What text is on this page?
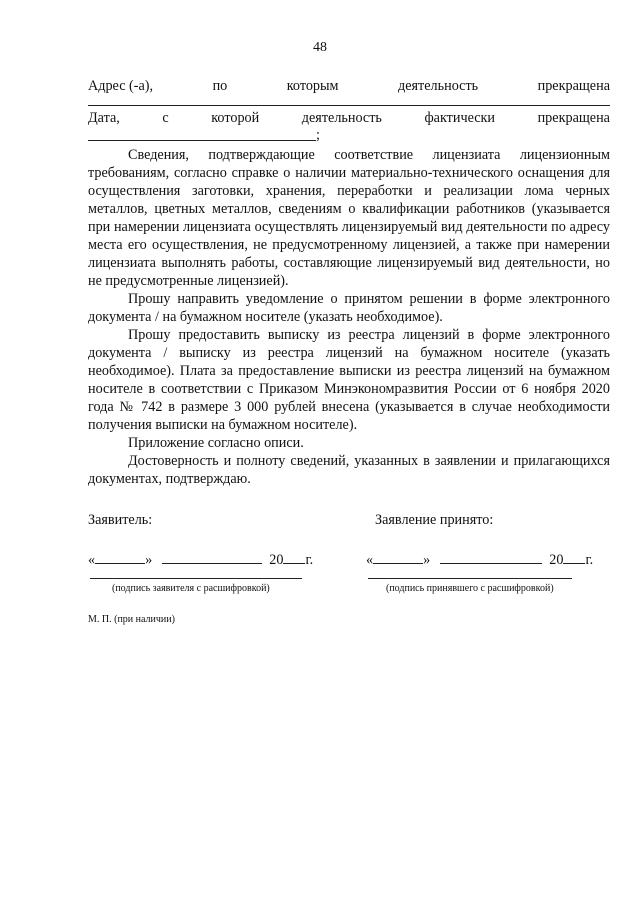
48
Адрес (-а),	по	которым	деятельность	прекращена
Дата,	с	которой	деятельность	фактически	прекращена
;

Сведения, подтверждающие соответствие лицензиата лицензионным требованиям, согласно справке о наличии материально-технического оснащения для осуществления заготовки, хранения, переработки и реализации лома черных металлов, цветных металлов, сведениям о квалификации работников (указывается при намерении лицензиата осуществлять лицензируемый вид деятельности по адресу места его осуществления, не предусмотренному лицензией, а также при намерении лицензиата выполнять работы, составляющие лицензируемый вид деятельности, но не предусмотренные лицензией).

Прошу направить уведомление о принятом решении в форме электронного документа / на бумажном носителе (указать необходимое).

Прошу предоставить выписку из реестра лицензий в форме электронного документа / выписку из реестра лицензий на бумажном носителе (указать необходимое). Плата за предоставление выписки из реестра лицензий на бумажном носителе в соответствии с Приказом Минэкономразвития России от 6 ноября 2020 года № 742 в размере 3 000 рублей внесена (указывается в случае необходимости получения выписки на бумажном носителе).

Приложение согласно описи.

Достоверность и полноту сведений, указанных в заявлении и прилагающихся документах, подтверждаю.

Заявитель:	Заявление принято:
«	»	20 г.	«	»	20 г.
(подпись заявителя с расшифровкой)	(подпись принявшего с расшифровкой)
М. П. (при наличии)
